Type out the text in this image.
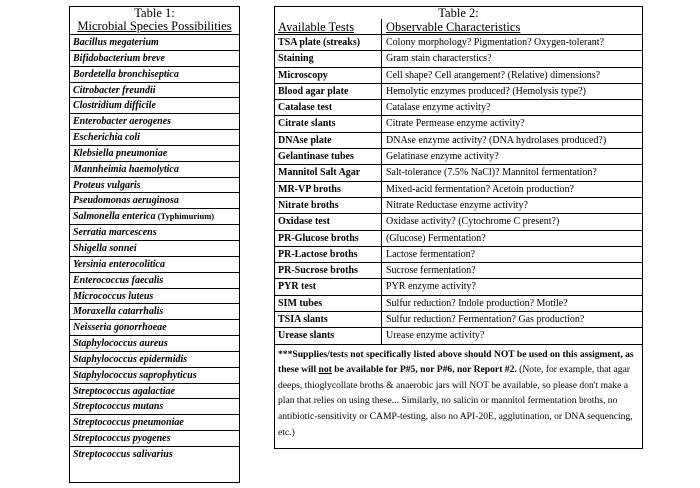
Table 1:
Microbial Species Possibilities
Bacillus megaterium
Bifidobacterium breve
Bordetella bronchiseptica
Citrobacter freundii
Clostridium difficile
Enterobacter aerogenes
Escherichia coli
Klebsiella pneumoniae
Mannheimia haemolytica
Proteus vulgaris
Pseudomonas aeruginosa
Salmonella enterica (Typhimurium)
Serratia marcescens
Shigella sonnei
Yersinia enterocolitica
Enterococcus faecalis
Micrococcus luteus
Moraxella catarrhalis
Neisseria gonorrhoeae
Staphylococcus aureus
Staphylococcus epidermidis
Staphylococcus saprophyticus
Streptococcus agalactiae
Streptococcus mutans
Streptococcus pneumoniae
Streptococcus pyogenes
Streptococcus salivarius
Table 2:
Available Tests	Observable Characteristics
TSA plate (streaks)	Colony morphology? Pigmentation? Oxygen-tolerant?
Staining	Gram stain characterstics?
Microscopy	Cell shape? Cell arangement? (Relative) dimensions?
Blood agar plate	Hemolytic enzymes produced? (Hemolysis type?)
Catalase test	Catalase enzyme activity?
Citrate slants	Citrate Permease enzyme activity?
DNAse plate	DNAse enzyme activity? (DNA hydrolases produced?)
Gelantinase tubes	Gelatinase enzyme activity?
Mannitol Salt Agar	Salt-tolerance (7.5% NaCl)? Mannitol fermentation?
MR-VP broths	Mixed-acid fermentation? Acetoin production?
Nitrate broths	Nitrate Reductase enzyme activity?
Oxidase test	Oxidase activity? (Cytochrome C present?)
PR-Glucose broths	(Glucose) Fermentation?
PR-Lactose broths	Lactose fermentation?
PR-Sucrose broths	Sucrose fermentation?
PYR test	PYR enzyme activity?
SIM tubes	Sulfur reduction? Indole production? Motile?
TSIA slants	Sulfur reduction? Fermentation? Gas production?
Urease slants	Urease enzyme activity?
***Supplies/tests not specifically listed above should NOT be used on this assigment, as these will not be available for P#5, nor P#6, nor Report #2. (Note, for example, that agar deeps, thioglycollate broths & anaerobic jars will NOT be available, so please don't make a plan that relies on using these... Similarly, no salicin or mannitol fermentation broths, no antibiotic-sensitivity or CAMP-testing, also no API-20E, agglutination, or DNA sequencing, etc.)
